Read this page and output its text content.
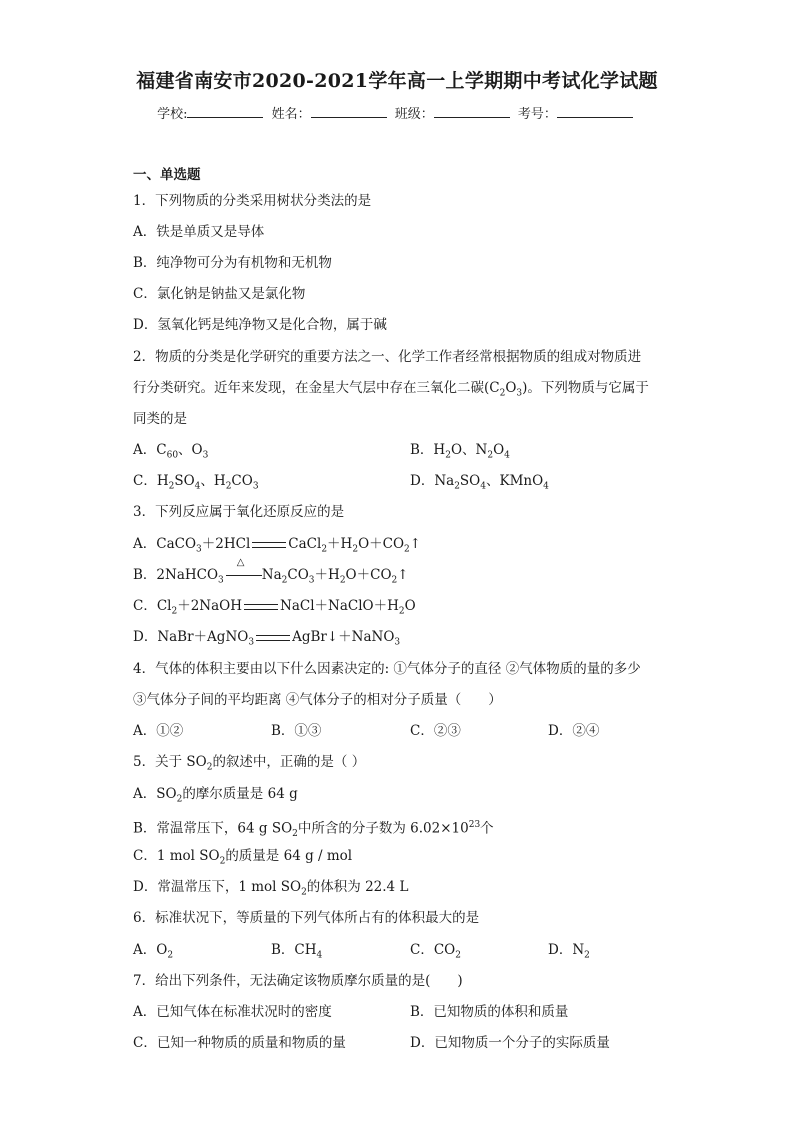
福建省南安市2020-2021学年高一上学期期中考试化学试题
学校:	姓名：	班级：	考号：
一、单选题
1．下列物质的分类采用树状分类法的是
A．铁是单质又是导体
B．纯净物可分为有机物和无机物
C．氯化钠是钠盐又是氯化物
D．氢氧化钙是纯净物又是化合物，属于碱
2．物质的分类是化学研究的重要方法之一、化学工作者经常根据物质的组成对物质进
行分类研究。近年来发现，在金星大气层中存在三氧化二碳$(C_2O_3)$。下列物质与它属于
同类的是
A．$C_{60}$、$O_3$	B．$H_2O$、$N_2O_4$
C．$H_2SO_4$、$H_2CO_3$	D．$Na_2SO_4$、KMnO$_4$
3．下列反应属于氧化还原反应的是
A．CaCO$_3$＋2HCl	$CaCl_2+H_2O+CO_2↑$
B．2NaHCO$_3$
△
$Na_2CO_3+H_2O+CO_2↑$
C．$Cl_2+2NaOH$	$NaCl+NaClO+H_2O$
D．NaBr＋AgNO$_3$	AgBr↓＋NaNO$_3$
4．气体的体积主要由以下什么因素决定的: ①气体分子的直径 ②气体物质的量的多少
③气体分子间的平均距离 ④气体分子的相对分子质量（　　）
A．①②	B．①③	C．②③	D．②④
5．关于 $SO_2$的叙述中，正确的是（ ）
A．$SO_2$的摩尔质量是 64 g
B．常温常压下，64 g $SO_2$中所含的分子数为 $6.02\times 10^{23}$个
C．1 mol $SO_2$的质量是 64 g / mol
D．常温常压下，1 mol $SO_2$的体积为 22.4 L
6．标准状况下，等质量的下列气体所占有的体积最大的是
A．$O_2$	B．$CH_4$	C．$CO_2$	D．$N_2$
7．给出下列条件，无法确定该物质摩尔质量的是(　　)
A．已知气体在标准状况时的密度	B．已知物质的体积和质量
C．已知一种物质的质量和物质的量	D．已知物质一个分子的实际质量
